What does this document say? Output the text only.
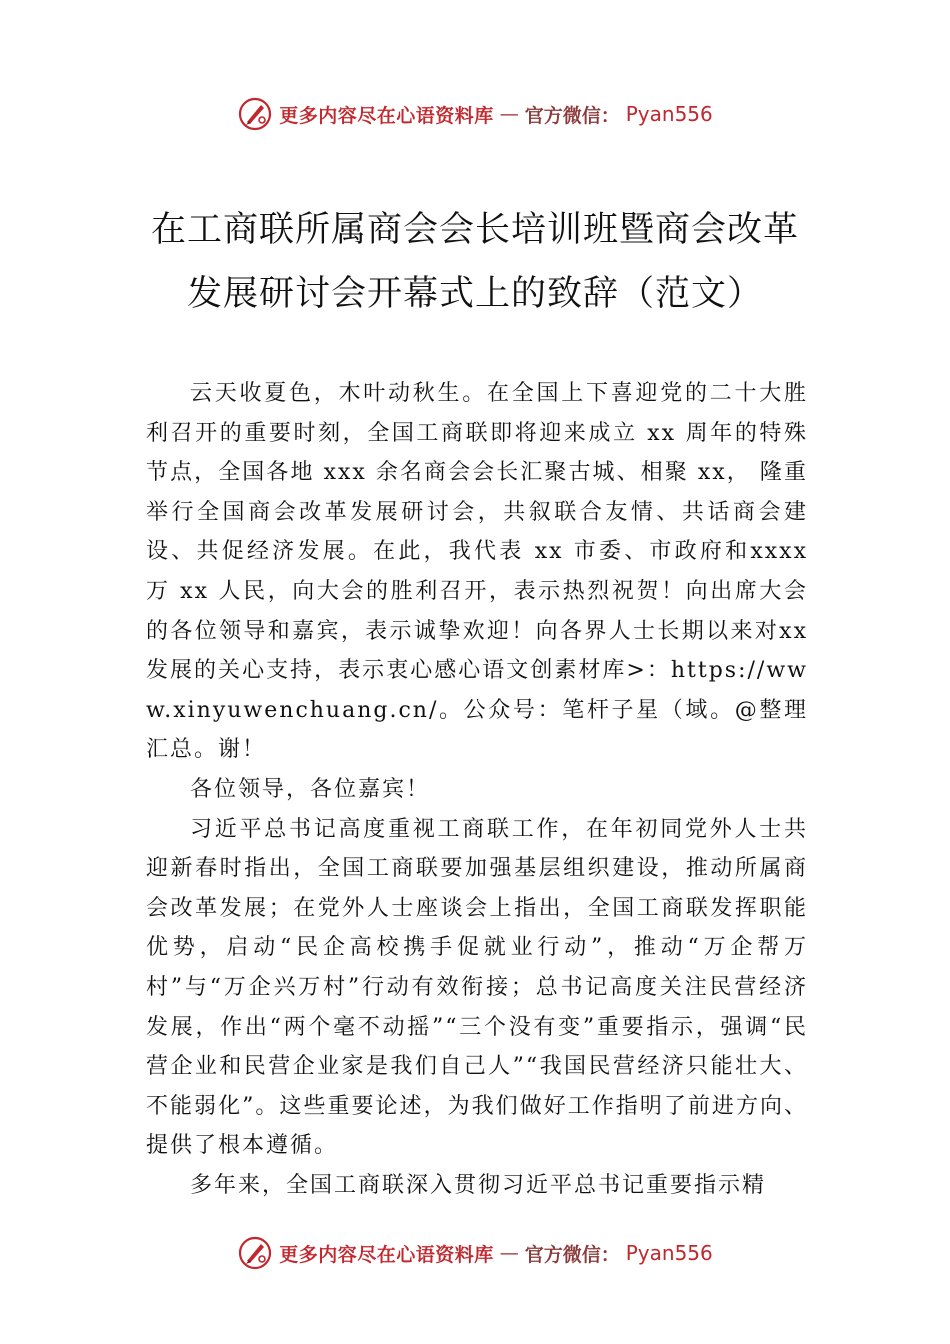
更多内容尽在心语资料库 — 官方微信： Pyan556
在工商联所属商会会长培训班暨商会改革
发展研讨会开幕式上的致辞（范文）

云天收夏色，木叶动秋生。在全国上下喜迎党的二十大胜利召开的重要时刻，全国工商联即将迎来成立 xx 周年的特殊节点，全国各地 xxx 余名商会会长汇聚古城、相聚 xx， 隆重举行全国商会改革发展研讨会，共叙联合友情、共话商会建设、共促经济发展。在此，我代表 xx 市委、市政府和xxxx 万 xx 人民，向大会的胜利召开，表示热烈祝贺！向出席大会的各位领导和嘉宾，表示诚挚欢迎！向各界人士长期以来对xx 发展的关心支持，表示衷心感心语文创素材库>：https://www.xinyuwenchuang.cn/。公众号：笔杆子星（域。@整理汇总。谢！

各位领导，各位嘉宾！

习近平总书记高度重视工商联工作，在年初同党外人士共迎新春时指出，全国工商联要加强基层组织建设，推动所属商会改革发展；在党外人士座谈会上指出，全国工商联发挥职能优势，启动“民企高校携手促就业行动”，推动“万企帮万村”与“万企兴万村”行动有效衔接；总书记高度关注民营经济发展，作出“两个毫不动摇”“三个没有变”重要指示，强调“民营企业和民营企业家是我们自己人”“我国民营经济只能壮大、不能弱化”。这些重要论述，为我们做好工作指明了前进方向、提供了根本遵循。

多年来，全国工商联深入贯彻习近平总书记重要指示精

更多内容尽在心语资料库 — 官方微信： Pyan556
